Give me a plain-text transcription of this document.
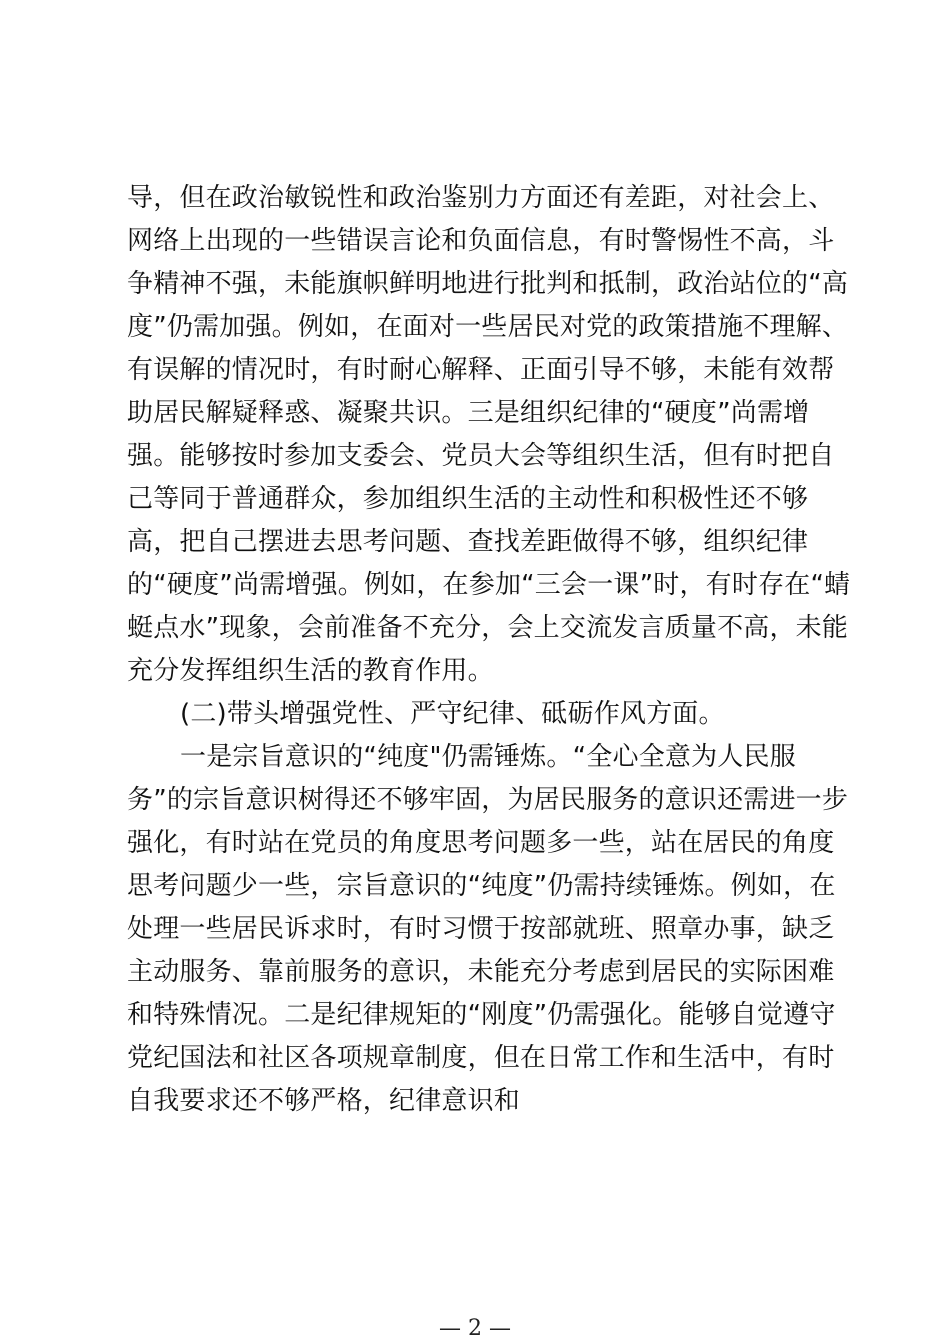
导，但在政治敏锐性和政治鉴别力方面还有差距，对社会上、
网络上出现的一些错误言论和负面信息，有时警惕性不高，斗
争精神不强，未能旗帜鲜明地进行批判和抵制，政治站位的“高
度”仍需加强。例如，在面对一些居民对党的政策措施不理解、
有误解的情况时，有时耐心解释、正面引导不够，未能有效帮
助居民解疑释惑、凝聚共识。三是组织纪律的“硬度”尚需增
强。能够按时参加支委会、党员大会等组织生活，但有时把自
己等同于普通群众，参加组织生活的主动性和积极性还不够
高，把自己摆进去思考问题、查找差距做得不够，组织纪律
的“硬度”尚需增强。例如，在参加“三会一课”时，有时存在“蜻
蜓点水”现象，会前准备不充分，会上交流发言质量不高，未能
充分发挥组织生活的教育作用。
(二)带头增强党性、严守纪律、砥砺作风方面。
一是宗旨意识的“纯度"仍需锤炼。“全心全意为人民服
务”的宗旨意识树得还不够牢固，为居民服务的意识还需进一步
强化，有时站在党员的角度思考问题多一些，站在居民的角度
思考问题少一些，宗旨意识的“纯度”仍需持续锤炼。例如，在
处理一些居民诉求时，有时习惯于按部就班、照章办事，缺乏
主动服务、靠前服务的意识，未能充分考虑到居民的实际困难
和特殊情况。二是纪律规矩的“刚度”仍需强化。能够自觉遵守
党纪国法和社区各项规章制度，但在日常工作和生活中，有时
自我要求还不够严格，纪律意识和
— 2 —
